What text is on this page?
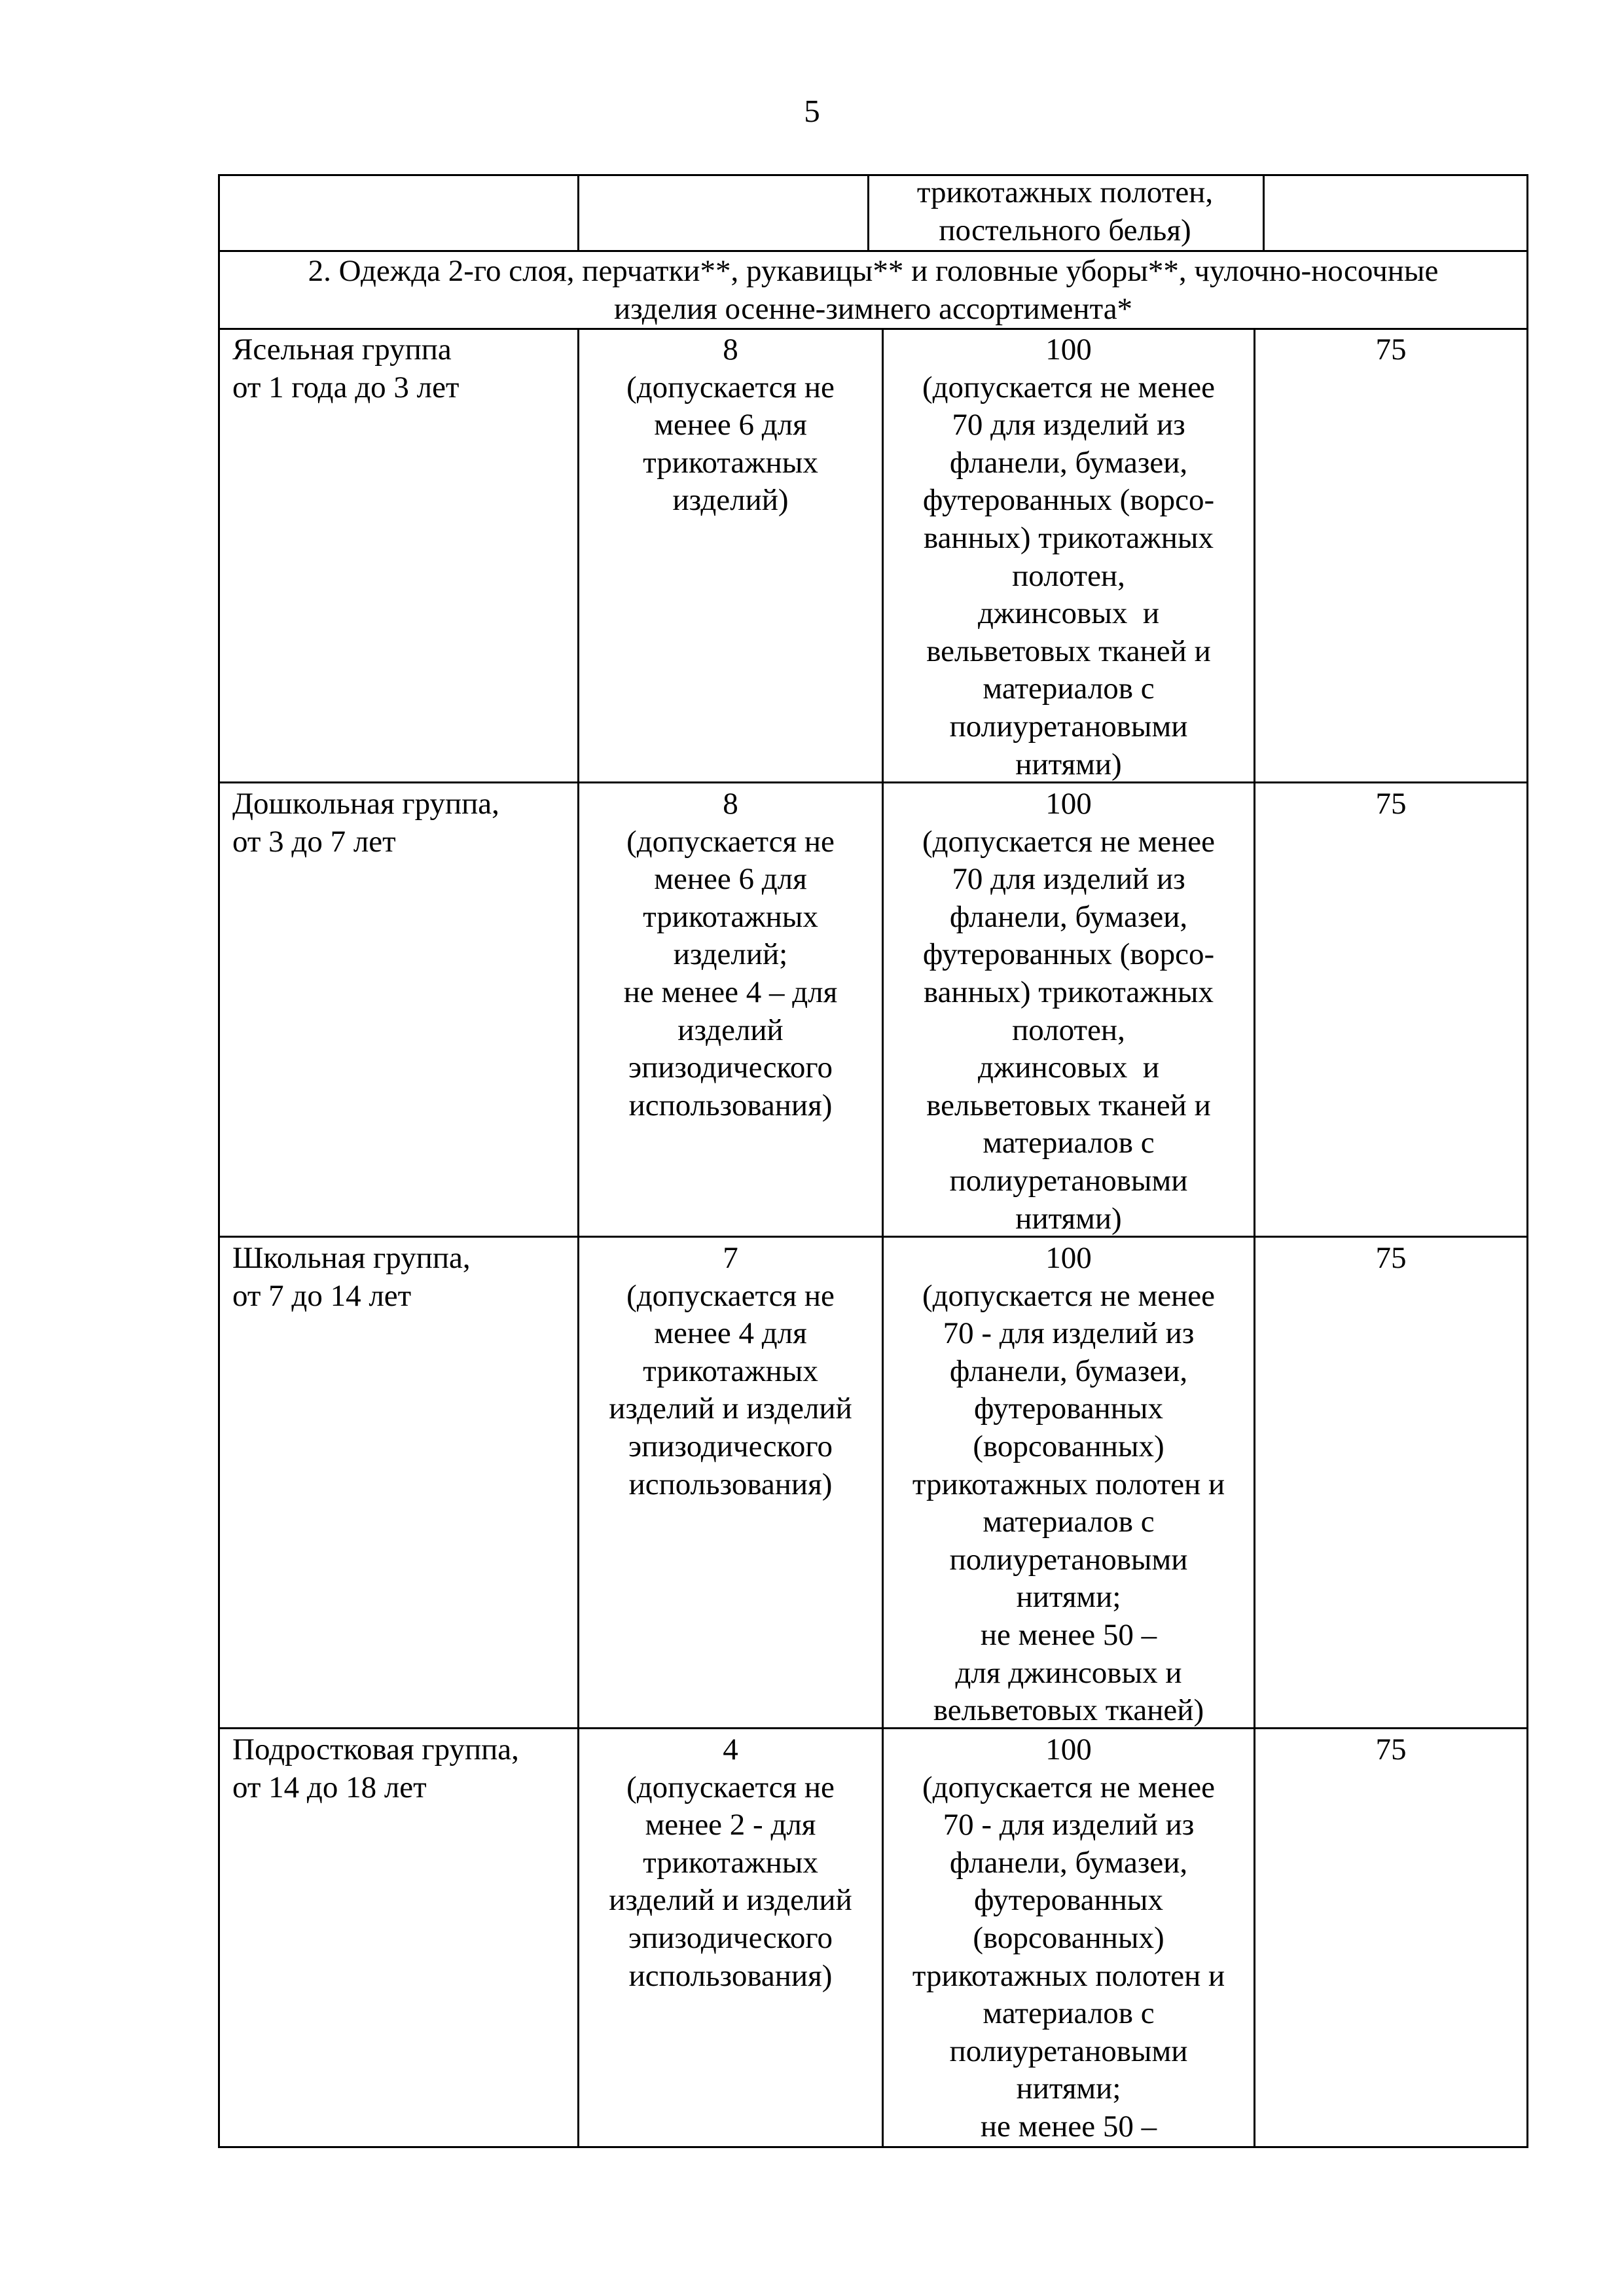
5
трикотажных полотен,
постельного белья)
2. Одежда 2-го слоя, перчатки**, рукавицы** и головные уборы**, чулочно-носочные
изделия осенне-зимнего ассортимента*
Ясельная группа
от 1 года до 3 лет
8
(допускается не
менее 6 для
трикотажных
изделий)
100
(допускается не менее
70 для изделий из
фланели, бумазеи,
футерованных (ворсо-
ванных) трикотажных
полотен,
джинсовых  и
вельветовых тканей и
материалов с
полиуретановыми
нитями)
75
Дошкольная группа,
от 3 до 7 лет
8
(допускается не
менее 6 для
трикотажных
изделий;
не менее 4 – для
изделий
эпизодического
использования)
100
(допускается не менее
70 для изделий из
фланели, бумазеи,
футерованных (ворсо-
ванных) трикотажных
полотен,
джинсовых  и
вельветовых тканей и
материалов с
полиуретановыми
нитями)
75
Школьная группа,
от 7 до 14 лет
7
(допускается не
менее 4 для
трикотажных
изделий и изделий
эпизодического
использования)
100
(допускается не менее
70 - для изделий из
фланели, бумазеи,
футерованных
(ворсованных)
трикотажных полотен и
материалов с
полиуретановыми
нитями;
не менее 50 –
для джинсовых и
вельветовых тканей)
75
Подростковая группа,
от 14 до 18 лет
4
(допускается не
менее 2 - для
трикотажных
изделий и изделий
эпизодического
использования)
100
(допускается не менее
70 - для изделий из
фланели, бумазеи,
футерованных
(ворсованных)
трикотажных полотен и
материалов с
полиуретановыми
нитями;
не менее 50 –
75
